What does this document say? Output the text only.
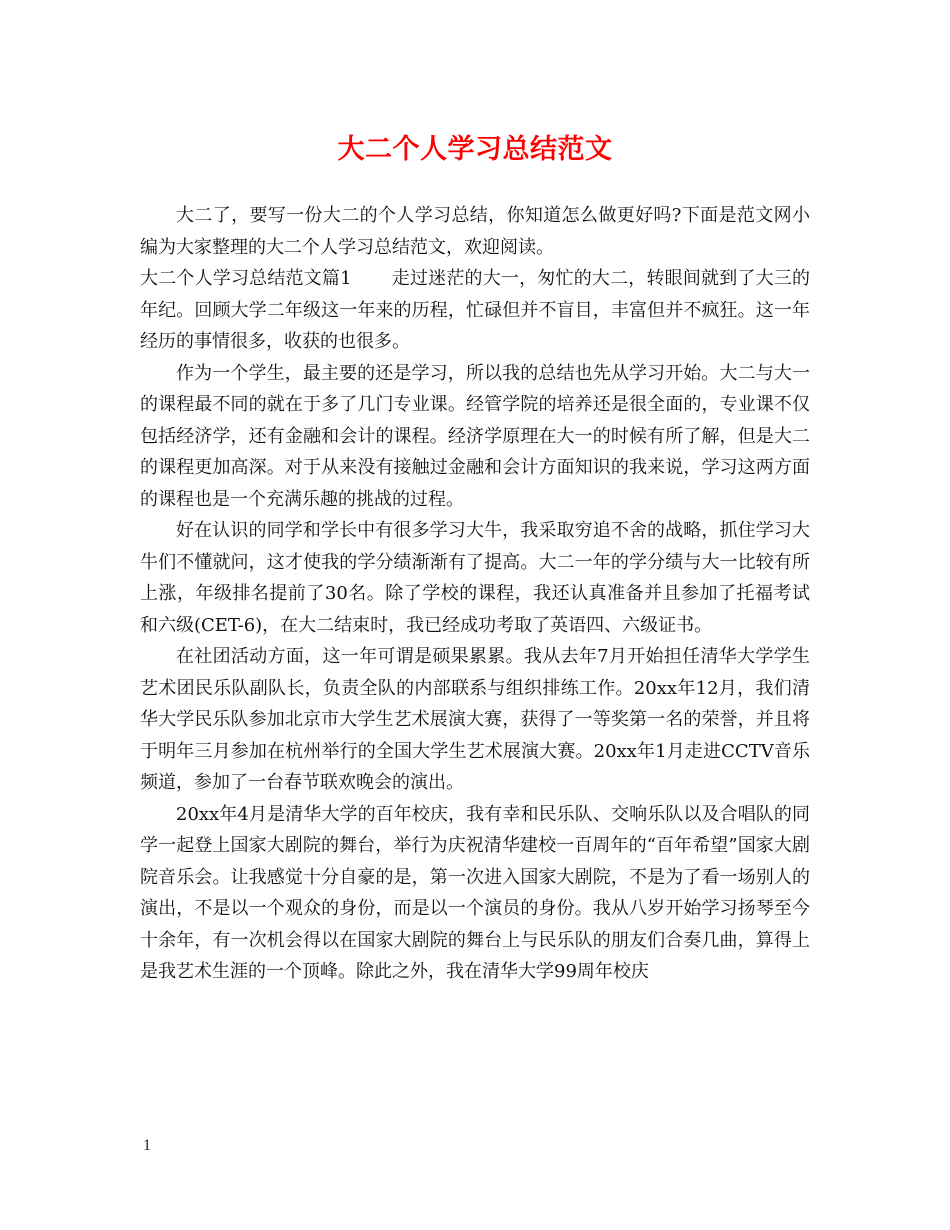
大二个人学习总结范文

大二了，要写一份大二的个人学习总结，你知道怎么做更好吗?下面是范文网小编为大家整理的大二个人学习总结范文，欢迎阅读。

大二个人学习总结范文篇1 走过迷茫的大一，匆忙的大二，转眼间就到了大三的年纪。回顾大学二年级这一年来的历程，忙碌但并不盲目，丰富但并不疯狂。这一年经历的事情很多，收获的也很多。

作为一个学生，最主要的还是学习，所以我的总结也先从学习开始。大二与大一的课程最不同的就在于多了几门专业课。经管学院的培养还是很全面的，专业课不仅包括经济学，还有金融和会计的课程。经济学原理在大一的时候有所了解，但是大二的课程更加高深。对于从来没有接触过金融和会计方面知识的我来说，学习这两方面的课程也是一个充满乐趣的挑战的过程。

好在认识的同学和学长中有很多学习大牛，我采取穷追不舍的战略，抓住学习大牛们不懂就问，这才使我的学分绩渐渐有了提高。大二一年的学分绩与大一比较有所上涨，年级排名提前了30名。除了学校的课程，我还认真准备并且参加了托福考试和六级(CET-6)，在大二结束时，我已经成功考取了英语四、六级证书。

在社团活动方面，这一年可谓是硕果累累。我从去年7月开始担任清华大学学生艺术团民乐队副队长，负责全队的内部联系与组织排练工作。20xx年12月，我们清华大学民乐队参加北京市大学生艺术展演大赛，获得了一等奖第一名的荣誉，并且将于明年三月参加在杭州举行的全国大学生艺术展演大赛。20xx年1月走进CCTV音乐频道，参加了一台春节联欢晚会的演出。

20xx年4月是清华大学的百年校庆，我有幸和民乐队、交响乐队以及合唱队的同学一起登上国家大剧院的舞台，举行为庆祝清华建校一百周年的“百年希望”国家大剧院音乐会。让我感觉十分自豪的是，第一次进入国家大剧院，不是为了看一场别人的演出，不是以一个观众的身份，而是以一个演员的身份。我从八岁开始学习扬琴至今十余年，有一次机会得以在国家大剧院的舞台上与民乐队的朋友们合奏几曲，算得上是我艺术生涯的一个顶峰。除此之外，我在清华大学99周年校庆

1
